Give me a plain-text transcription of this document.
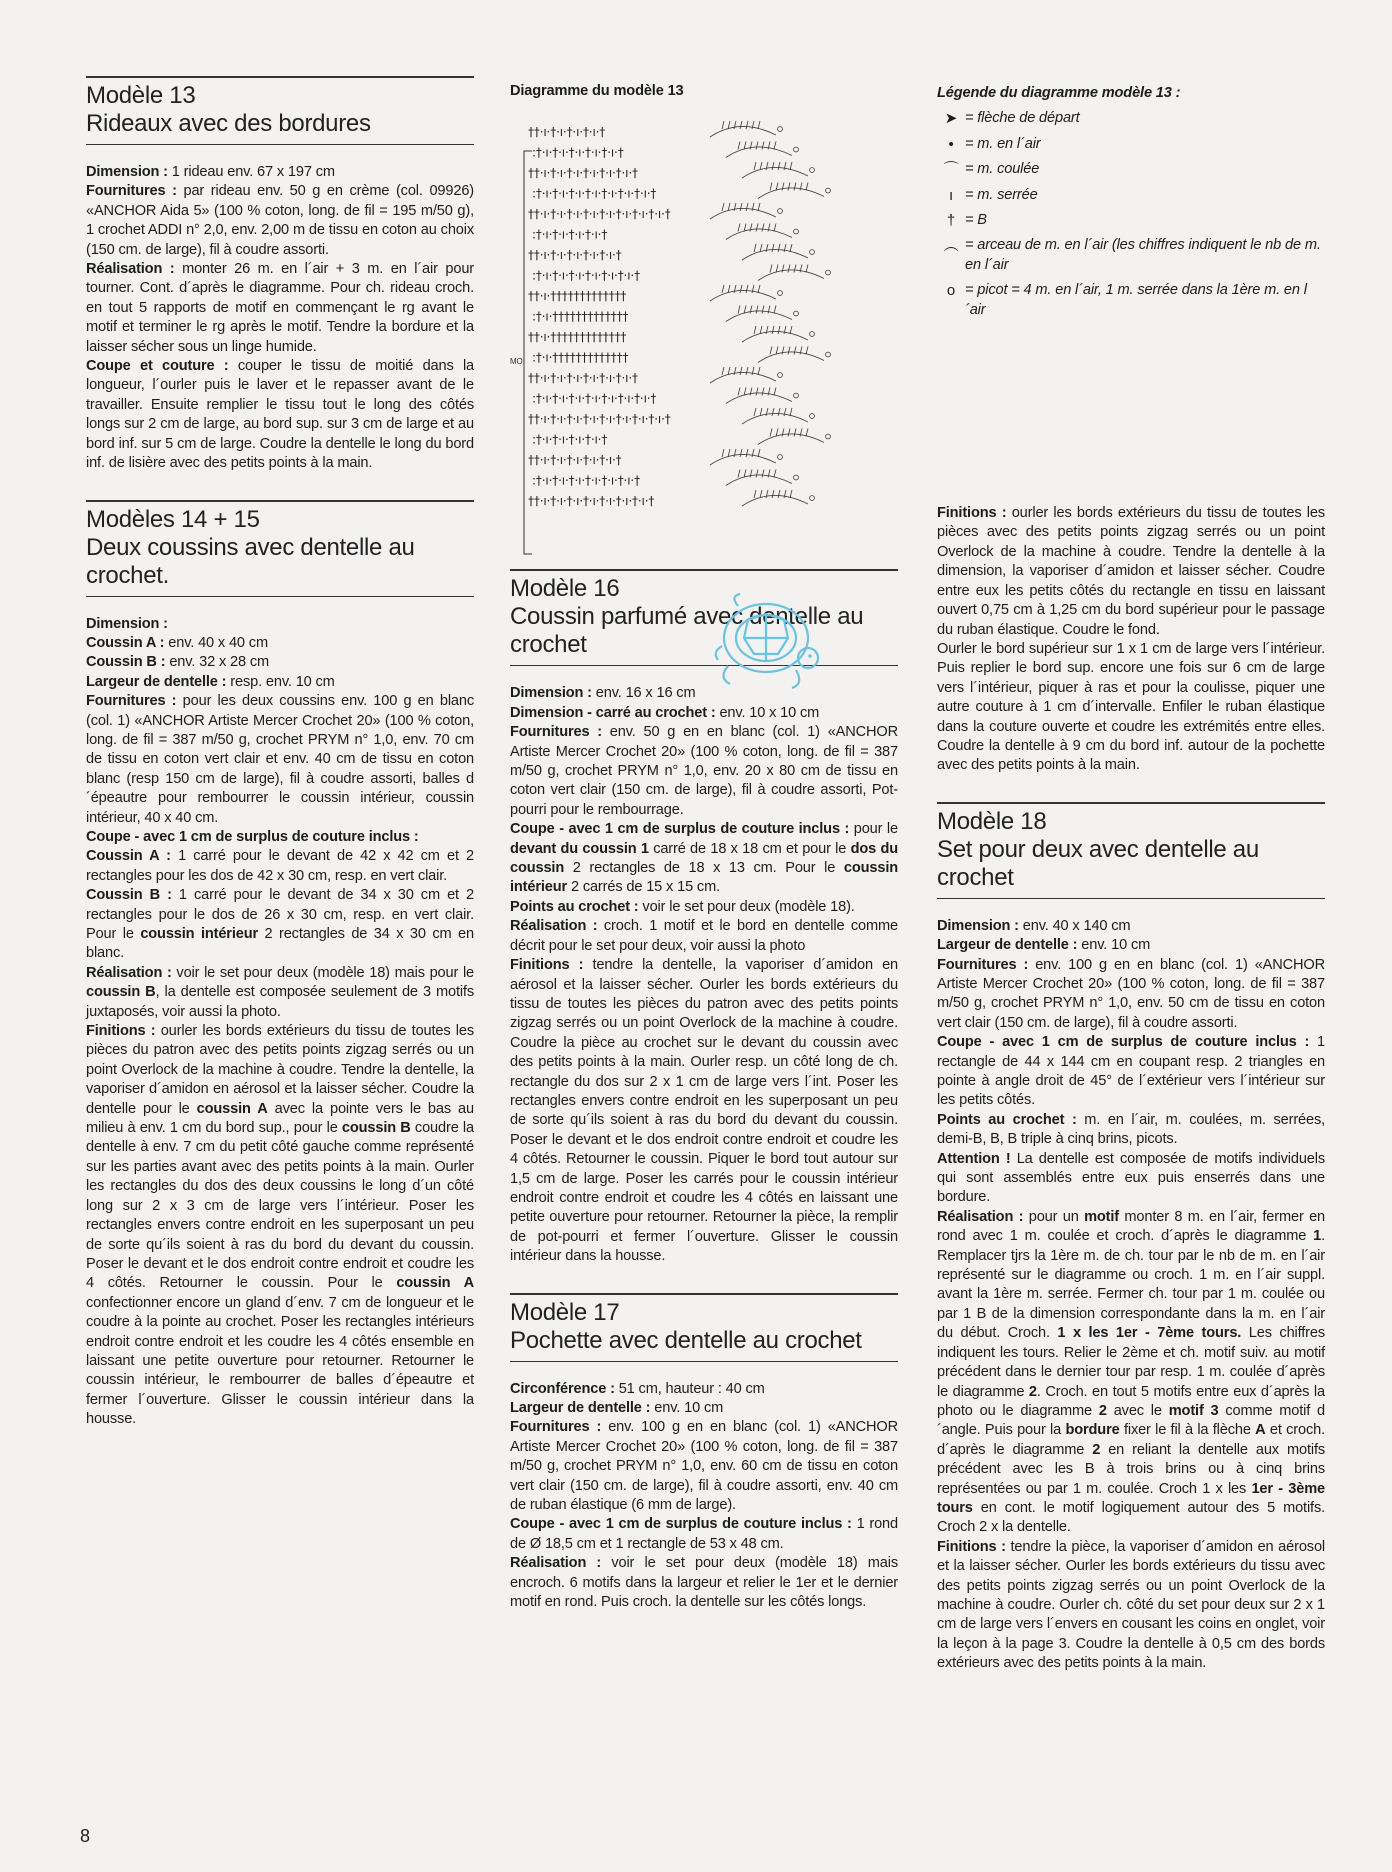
Modèle 13
Rideaux avec des bordures

Dimension : 1 rideau env. 67 x 197 cm

Fournitures : par rideau env. 50 g en crème (col. 09926) «ANCHOR Aida 5» (100 % coton, long. de fil = 195 m/50 g), 1 crochet ADDI n° 2,0, env. 2,00 m de tissu en coton au choix (150 cm. de large), fil à coudre assorti.

Réalisation : monter 26 m. en l´air + 3 m. en l´air pour tourner. Cont. d´après le diagramme. Pour ch. rideau croch. en tout 5 rapports de motif en commençant le rg avant le motif et terminer le rg après le motif. Tendre la bordure et la laisser sécher sous un linge humide.

Coupe et couture : couper le tissu de moitié dans la longueur, l´ourler puis le laver et le repasser avant de le travailler. Ensuite remplier le tissu tout le long des côtés longs sur 2 cm de large, au bord sup. sur 3 cm de large et au bord inf. sur 5 cm de large. Coudre la dentelle le long du bord inf. de lisière avec des petits points à la main.

Modèles 14 + 15
Deux coussins avec dentelle au crochet.

Dimension :

Coussin A : env. 40 x 40 cm

Coussin B : env. 32 x 28 cm

Largeur de dentelle : resp. env. 10 cm

Fournitures : pour les deux coussins env. 100 g en blanc (col. 1) «ANCHOR Artiste Mercer Crochet 20» (100 % coton, long. de fil = 387 m/50 g, crochet PRYM n° 1,0, env. 70 cm de tissu en coton vert clair et env. 40 cm de tissu en coton blanc (resp 150 cm de large), fil à coudre assorti, balles d´épeautre pour rembourrer le coussin intérieur, coussin intérieur, 40 x 40 cm.

Coupe - avec 1 cm de surplus de couture inclus :

Coussin A : 1 carré pour le devant de 42 x 42 cm et 2 rectangles pour les dos de 42 x 30 cm, resp. en vert clair.

Coussin B : 1 carré pour le devant de 34 x 30 cm et 2 rectangles pour le dos de 26 x 30 cm, resp. en vert clair. Pour le coussin intérieur 2 rectangles de 34 x 30 cm en blanc.

Réalisation : voir le set pour deux (modèle 18) mais pour le coussin B, la dentelle est composée seulement de 3 motifs juxtaposés, voir aussi la photo.

Finitions : ourler les bords extérieurs du tissu de toutes les pièces du patron avec des petits points zigzag serrés ou un point Overlock de la machine à coudre. Tendre la dentelle, la vaporiser d´amidon en aérosol et la laisser sécher. Coudre la dentelle pour le coussin A avec la pointe vers le bas au milieu à env. 1 cm du bord sup., pour le coussin B coudre la dentelle à env. 7 cm du petit côté gauche comme représenté sur les parties avant avec des petits points à la main. Ourler les rectangles du dos des deux coussins le long d´un côté long sur 2 x 3 cm de large vers l´intérieur. Poser les rectangles envers contre endroit en les superposant un peu de sorte qu´ils soient à ras du bord du devant du coussin. Poser le devant et le dos endroit contre endroit et coudre les 4 côtés. Retourner le coussin. Pour le coussin A confectionner encore un gland d´env. 7 cm de longueur et le coudre à la pointe au crochet. Poser les rectangles intérieurs endroit contre endroit et les coudre les 4 côtés ensemble en laissant une petite ouverture pour retourner. Retourner le coussin intérieur, le rembourrer de balles d´épeautre et fermer l´ouverture. Glisser le coussin intérieur dans la housse.

Diagramme du modèle 13
MO
††·ı·†·ı·†·ı·†·ı·†
:†·ı·†·ı·†·ı·†·ı·†·ı·†
††·ı·†·ı·†·ı·†·ı·†·ı·†·ı·†
:†·ı·†·ı·†·ı·†·ı·†·ı·†·ı·†·ı·†
††·ı·†·ı·†·ı·†·ı·†·ı·†·ı·†·ı·†·ı·†
:†·ı·†·ı·†·ı·†·ı·†
††·ı·†·ı·†·ı·†·ı·†·ı·†
:†·ı·†·ı·†·ı·†·ı·†·ı·†·ı·†
††·ı·†††††††††††††
:†·ı·†††††††††††††
††·ı·†††††††††††††
:†·ı·†††††††††††††
††·ı·†·ı·†·ı·†·ı·†·ı·†·ı·†
:†·ı·†·ı·†·ı·†·ı·†·ı·†·ı·†·ı·†
††·ı·†·ı·†·ı·†·ı·†·ı·†·ı·†·ı·†·ı·†
:†·ı·†·ı·†·ı·†·ı·†
††·ı·†·ı·†·ı·†·ı·†·ı·†
:†·ı·†·ı·†·ı·†·ı·†·ı·†·ı·†
††·ı·†·ı·†·ı·†·ı·†·ı·†·ı·†·ı·†
Modèle 16
Coussin parfumé avec dentelle au crochet

Dimension : env. 16 x 16 cm

Dimension - carré au crochet : env. 10 x 10 cm

Fournitures : env. 50 g en en blanc (col. 1) «ANCHOR Artiste Mercer Crochet 20» (100 % coton, long. de fil = 387 m/50 g, crochet PRYM n° 1,0, env. 20 x 80 cm de tissu en coton vert clair (150 cm. de large), fil à coudre assorti, Pot-pourri pour le rembourrage.

Coupe - avec 1 cm de surplus de couture inclus : pour le devant du coussin 1 carré de 18 x 18 cm et pour le dos du coussin 2 rectangles de 18 x 13 cm. Pour le coussin intérieur 2 carrés de 15 x 15 cm.

Points au crochet : voir le set pour deux (modèle 18).

Réalisation : croch. 1 motif et le bord en dentelle comme décrit pour le set pour deux, voir aussi la photo

Finitions : tendre la dentelle, la vaporiser d´amidon en aérosol et la laisser sécher. Ourler les bords extérieurs du tissu de toutes les pièces du patron avec des petits points zigzag serrés ou un point Overlock de la machine à coudre. Coudre la pièce au crochet sur le devant du coussin avec des petits points à la main. Ourler resp. un côté long de ch. rectangle du dos sur 2 x 1 cm de large vers l´int. Poser les rectangles envers contre endroit en les superposant un peu de sorte qu´ils soient à ras du bord du devant du coussin. Poser le devant et le dos endroit contre endroit et coudre les 4 côtés. Retourner le coussin. Piquer le bord tout autour sur 1,5 cm de large. Poser les carrés pour le coussin intérieur endroit contre endroit et coudre les 4 côtés en laissant une petite ouverture pour retourner. Retourner la pièce, la remplir de pot-pourri et fermer l´ouverture. Glisser le coussin intérieur dans la housse.

Modèle 17
Pochette avec dentelle au crochet

Circonférence : 51 cm, hauteur : 40 cm

Largeur de dentelle : env. 10 cm

Fournitures : env. 100 g en en blanc (col. 1) «ANCHOR Artiste Mercer Crochet 20» (100 % coton, long. de fil = 387 m/50 g, crochet PRYM n° 1,0, env. 60 cm de tissu en coton vert clair (150 cm. de large), fil à coudre assorti, env. 40 cm de ruban élastique (6 mm de large).

Coupe - avec 1 cm de surplus de couture inclus : 1 rond de Ø 18,5 cm et 1 rectangle de 53 x 48 cm.

Réalisation : voir le set pour deux (modèle 18) mais encroch. 6 motifs dans la largeur et relier le 1er et le dernier motif en rond. Puis croch. la dentelle sur les côtés longs.

Légende du diagramme modèle 13 :
➤ = flèche de départ
• = m. en l´air
⌒ = m. coulée
ı = m. serrée
† = B
︵ = arceau de m. en l´air (les chiffres indiquent le nb de m. en l´air
o = picot = 4 m. en l´air, 1 m. serrée dans la 1ère m. en l´air

Finitions : ourler les bords extérieurs du tissu de toutes les pièces avec des petits points zigzag serrés ou un point Overlock de la machine à coudre. Tendre la dentelle à la dimension, la vaporiser d´amidon et laisser sécher. Coudre entre eux les petits côtés du rectangle en tissu en laissant ouvert 0,75 cm à 1,25 cm du bord supérieur pour le passage du ruban élastique. Coudre le fond.

Ourler le bord supérieur sur 1 x 1 cm de large vers l´intérieur. Puis replier le bord sup. encore une fois sur 6 cm de large vers l´intérieur, piquer à ras et pour la coulisse, piquer une autre couture à 1 cm d´intervalle. Enfiler le ruban élastique dans la couture ouverte et coudre les extrémités entre elles. Coudre la dentelle à 9 cm du bord inf. autour de la pochette avec des petits points à la main.

Modèle 18
Set pour deux avec dentelle au crochet

Dimension : env. 40 x 140 cm

Largeur de dentelle : env. 10 cm

Fournitures : env. 100 g en en blanc (col. 1) «ANCHOR Artiste Mercer Crochet 20» (100 % coton, long. de fil = 387 m/50 g, crochet PRYM n° 1,0, env. 50 cm de tissu en coton vert clair (150 cm. de large), fil à coudre assorti.

Coupe - avec 1 cm de surplus de couture inclus : 1 rectangle de 44 x 144 cm en coupant resp. 2 triangles en pointe à angle droit de 45° de l´extérieur vers l´intérieur sur les petits côtés.

Points au crochet : m. en l´air, m. coulées, m. serrées, demi-B, B, B triple à cinq brins, picots.

Attention ! La dentelle est composée de motifs individuels qui sont assemblés entre eux puis enserrés dans une bordure.

Réalisation : pour un motif monter 8 m. en l´air, fermer en rond avec 1 m. coulée et croch. d´après le diagramme 1. Remplacer tjrs la 1ère m. de ch. tour par le nb de m. en l´air représenté sur le diagramme ou croch. 1 m. en l´air suppl. avant la 1ère m. serrée. Fermer ch. tour par 1 m. coulée ou par 1 B de la dimension correspondante dans la m. en l´air du début. Croch. 1 x les 1er - 7ème tours. Les chiffres indiquent les tours. Relier le 2ème et ch. motif suiv. au motif précédent dans le dernier tour par resp. 1 m. coulée d´après le diagramme 2. Croch. en tout 5 motifs entre eux d´après la photo ou le diagramme 2 avec le motif 3 comme motif d´angle. Puis pour la bordure fixer le fil à la flèche A et croch. d´après le diagramme 2 en reliant la dentelle aux motifs précédent avec les B à trois brins ou à cinq brins représentées ou par 1 m. coulée. Croch 1 x les 1er - 3ème tours en cont. le motif logiquement autour des 5 motifs. Croch 2 x la dentelle.

Finitions : tendre la pièce, la vaporiser d´amidon en aérosol et la laisser sécher. Ourler les bords extérieurs du tissu avec des petits points zigzag serrés ou un point Overlock de la machine à coudre. Ourler ch. côté du set pour deux sur 2 x 1 cm de large vers l´envers en cousant les coins en onglet, voir la leçon à la page 3. Coudre la dentelle à 0,5 cm des bords extérieurs avec des petits points à la main.

8
